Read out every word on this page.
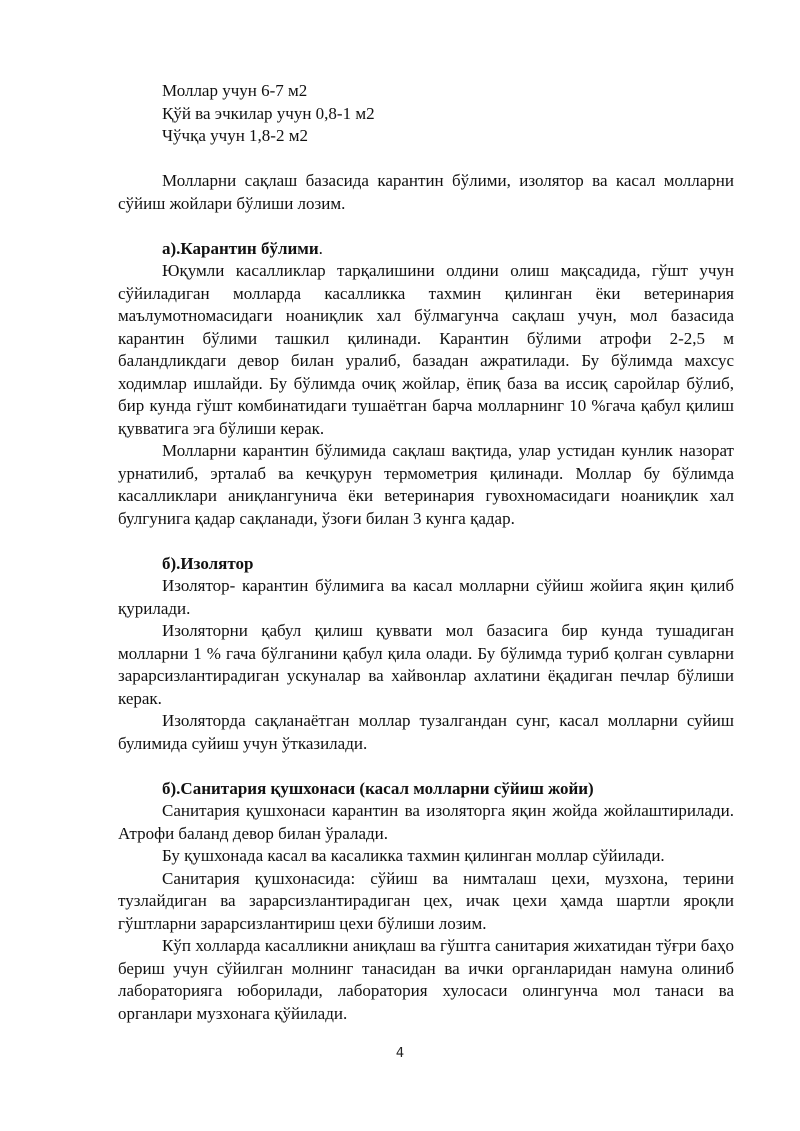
Моллар учун 6-7 м2

Қўй ва эчкилар учун 0,8-1 м2

Чўчқа учун 1,8-2 м2

Молларни сақлаш базасида карантин бўлими, изолятор ва касал молларни сўйиш жойлари бўлиши лозим.

а).Карантин бўлими.

Юқумли касалликлар тарқалишини олдини олиш мақсадида, гўшт учун сўйиладиган молларда касалликка тахмин қилинган ёки ветеринария маълумотномасидаги ноаниқлик хал бўлмагунча сақлаш учун, мол базасида карантин бўлими ташкил қилинади. Карантин бўлими атрофи 2-2,5 м баландликдаги девор билан уралиб, базадан ажратилади. Бу бўлимда махсус ходимлар ишлайди. Бу бўлимда очиқ жойлар, ёпиқ база ва иссиқ саройлар бўлиб, бир кунда гўшт комбинатидаги тушаётган барча молларнинг 10 %гача қабул қилиш қувватига эга бўлиши керак.

Молларни карантин бўлимида сақлаш вақтида, улар устидан кунлик назорат урнатилиб, эрталаб ва кечқурун термометрия қилинади. Моллар бу бўлимда касалликлари аниқлангунича ёки ветеринария гувохномасидаги ноаниқлик хал булгунига қадар сақланади, ўзоғи билан 3 кунга қадар.

б).Изолятор

Изолятор- карантин бўлимига ва касал молларни сўйиш жойига яқин қилиб қурилади.

Изоляторни қабул қилиш қуввати мол базасига бир кунда тушадиган молларни 1 % гача бўлганини қабул қила олади. Бу бўлимда туриб қолган сувларни зарарсизлантирадиган ускуналар ва хайвонлар ахлатини ёқадиган печлар бўлиши керак.

Изоляторда сақланаётган моллар тузалгандан сунг, касал молларни суйиш булимида суйиш учун ўтказилади.

б).Санитария қушхонаси (касал молларни сўйиш жойи)

Санитария қушхонаси карантин ва изоляторга яқин жойда жойлаштирилади. Атрофи баланд девор билан ўралади.

Бу қушхонада касал ва касаликка тахмин қилинган моллар сўйилади.

Санитария қушхонасида: сўйиш ва нимталаш цехи, музхона, терини тузлайдиган ва зарарсизлантирадиган цех, ичак цехи ҳамда шартли яроқли гўштларни зарарсизлантириш цехи бўлиши лозим.

Кўп холларда касалликни аниқлаш ва гўштга санитария жихатидан тўғри баҳо бериш учун сўйилган молнинг танасидан ва ички органларидан намуна олиниб лабораторияга юборилади, лаборатория хулосаси олингунча мол танаси ва органлари музхонага қўйилади.

4
